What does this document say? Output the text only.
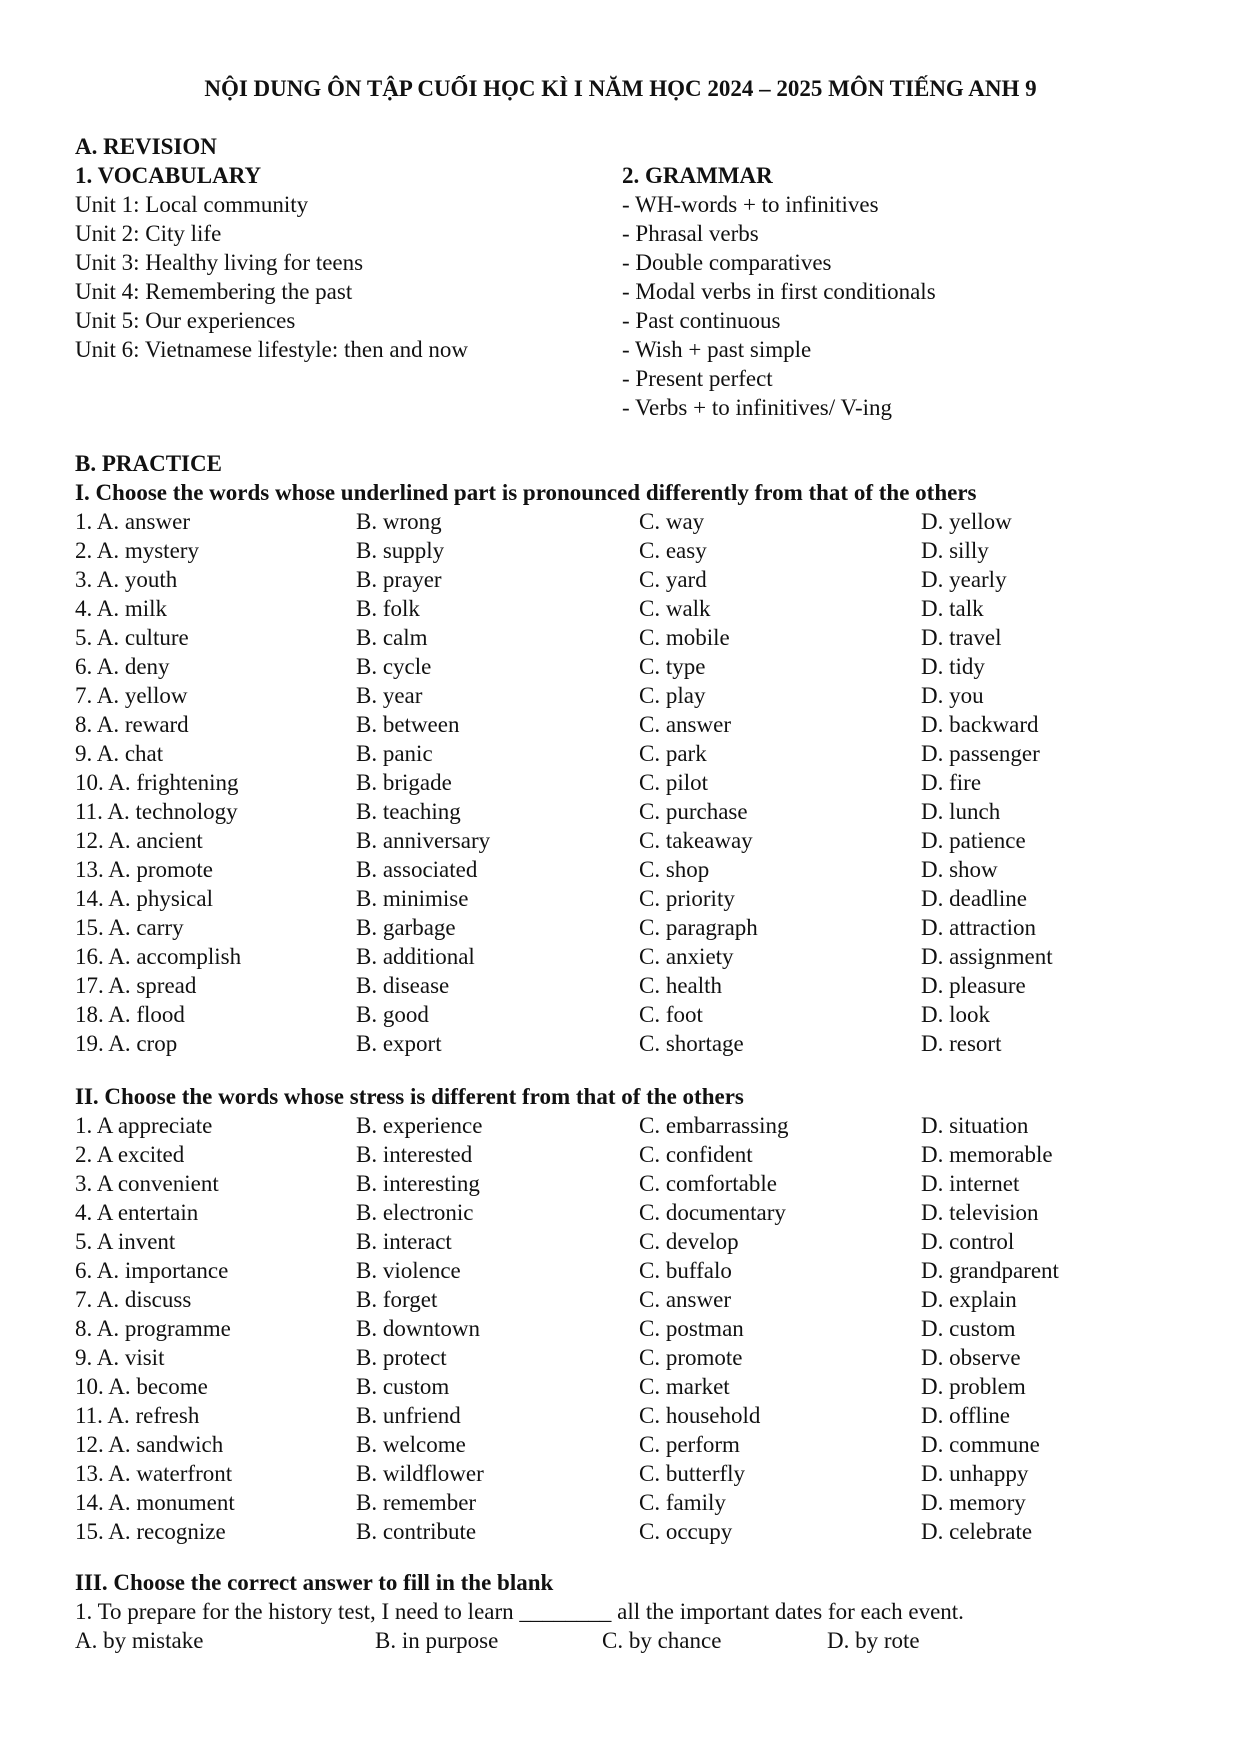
NỘI DUNG ÔN TẬP CUỐI HỌC KÌ I NĂM HỌC 2024 – 2025 MÔN TIẾNG ANH 9
A. REVISION
1. VOCABULARY
Unit 1: Local community
Unit 2: City life
Unit 3: Healthy living for teens
Unit 4: Remembering the past
Unit 5: Our experiences
Unit 6: Vietnamese lifestyle: then and now
2. GRAMMAR
- WH-words + to infinitives
- Phrasal verbs
- Double comparatives
- Modal verbs in first conditionals
- Past continuous
- Wish + past simple
- Present perfect
- Verbs + to infinitives/ V-ing
B. PRACTICE
I. Choose the words whose underlined part is pronounced differently from that of the others
1. A. answer	B. wrong	C. way	D. yellow
2. A. mystery	B. supply	C. easy	D. silly
3. A. youth	B. prayer	C. yard	D. yearly
4. A. milk	B. folk	C. walk	D. talk
5. A. culture	B. calm	C. mobile	D. travel
6. A. deny	B. cycle	C. type	D. tidy
7. A. yellow	B. year	C. play	D. you
8. A. reward	B. between	C. answer	D. backward
9. A. chat	B. panic	C. park	D. passenger
10. A. frightening	B. brigade	C. pilot	D. fire
11. A. technology	B. teaching	C. purchase	D. lunch
12. A. ancient	B. anniversary	C. takeaway	D. patience
13. A. promote	B. associated	C. shop	D. show
14. A. physical	B. minimise	C. priority	D. deadline
15. A. carry	B. garbage	C. paragraph	D. attraction
16. A. accomplish	B. additional	C. anxiety	D. assignment
17. A. spread	B. disease	C. health	D. pleasure
18. A. flood	B. good	C. foot	D. look
19. A. crop	B. export	C. shortage	D. resort
II. Choose the words whose stress is different from that of the others
1. A appreciate	B. experience	C. embarrassing	D. situation
2. A excited	B. interested	C. confident	D. memorable
3. A convenient	B. interesting	C. comfortable	D. internet
4. A entertain	B. electronic	C. documentary	D. television
5. A invent	B. interact	C. develop	D. control
6. A. importance	B. violence	C. buffalo	D. grandparent
7. A. discuss	B. forget	C. answer	D. explain
8. A. programme	B. downtown	C. postman	D. custom
9. A. visit	B. protect	C. promote	D. observe
10. A. become	B. custom	C. market	D. problem
11. A. refresh	B. unfriend	C. household	D. offline
12. A. sandwich	B. welcome	C. perform	D. commune
13. A. waterfront	B. wildflower	C. butterfly	D. unhappy
14. A. monument	B. remember	C. family	D. memory
15. A. recognize	B. contribute	C. occupy	D. celebrate
III. Choose the correct answer to fill in the blank
1. To prepare for the history test, I need to learn ________ all the important dates for each event.
A. by mistake	B. in purpose	C. by chance	D. by rote
